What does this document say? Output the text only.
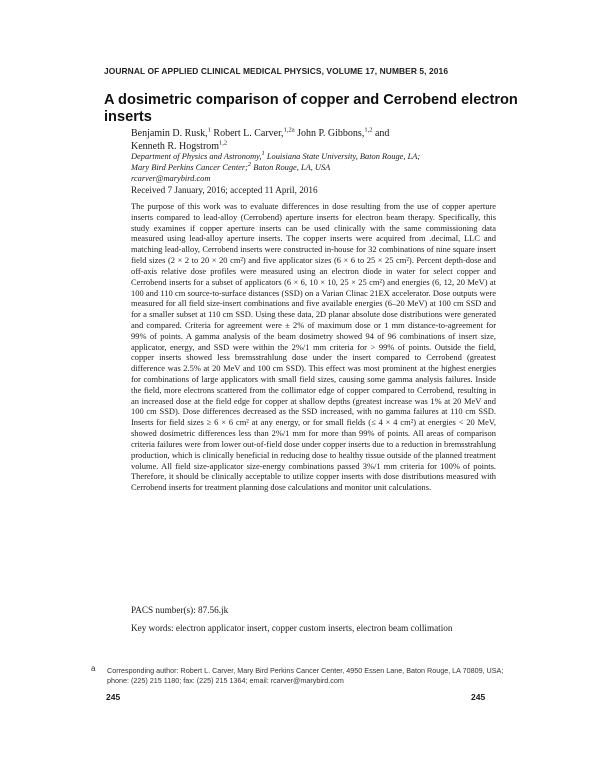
JOURNAL OF APPLIED CLINICAL MEDICAL PHYSICS, VOLUME 17, NUMBER 5, 2016
A dosimetric comparison of copper and Cerrobend electron inserts
Benjamin D. Rusk,$^1$ Robert L. Carver,$^{1,2a}$ John P. Gibbons,$^{1,2}$ and
Kenneth R. Hogstrom$^{1,2}$
Department of Physics and Astronomy,$^1$ Louisiana State University, Baton Rouge, LA;
Mary Bird Perkins Cancer Center;$^2$ Baton Rouge, LA, USA
rcarver@marybird.com
Received 7 January, 2016; accepted 11 April, 2016
The purpose of this work was to evaluate differences in dose resulting from the use of copper aperture inserts compared to lead-alloy (Cerrobend) aperture inserts for electron beam therapy. Specifically, this study examines if copper aperture inserts can be used clinically with the same commissioning data measured using lead-alloy aperture inserts. The copper inserts were acquired from .decimal, LLC and matching lead-alloy, Cerrobend inserts were constructed in-house for 32 combinations of nine square insert field sizes (2 × 2 to 20 × 20 cm²) and five applicator sizes (6 × 6 to 25 × 25 cm²). Percent depth-dose and off-axis relative dose profiles were measured using an electron diode in water for select copper and Cerrobend inserts for a subset of applicators (6 × 6, 10 × 10, 25 × 25 cm²) and energies (6, 12, 20 MeV) at 100 and 110 cm source-to-surface distances (SSD) on a Varian Clinac 21EX accelerator. Dose outputs were measured for all field size-insert combinations and five available energies (6–20 MeV) at 100 cm SSD and for a smaller subset at 110 cm SSD. Using these data, 2D planar absolute dose distributions were generated and compared. Criteria for agreement were ± 2% of maximum dose or 1 mm distance-to-agreement for 99% of points. A gamma analysis of the beam dosimetry showed 94 of 96 combinations of insert size, applicator, energy, and SSD were within the 2%/1 mm criteria for > 99% of points. Outside the field, copper inserts showed less bremsstrahlung dose under the insert compared to Cerrobend (greatest difference was 2.5% at 20 MeV and 100 cm SSD). This effect was most prominent at the highest energies for combinations of large applicators with small field sizes, causing some gamma analysis failures. Inside the field, more electrons scattered from the collimator edge of copper compared to Cerrobend, resulting in an increased dose at the field edge for copper at shallow depths (greatest increase was 1% at 20 MeV and 100 cm SSD). Dose differences decreased as the SSD increased, with no gamma failures at 110 cm SSD. Inserts for field sizes ≥ 6 × 6 cm² at any energy, or for small fields (≤ 4 × 4 cm²) at energies < 20 MeV, showed dosimetric differences less than 2%/1 mm for more than 99% of points. All areas of comparison criteria failures were from lower out-of-field dose under copper inserts due to a reduction in bremsstrahlung production, which is clinically beneficial in reducing dose to healthy tissue outside of the planned treatment volume. All field size-applicator size-energy combinations passed 3%/1 mm criteria for 100% of points. Therefore, it should be clinically acceptable to utilize copper inserts with dose distributions measured with Cerrobend inserts for treatment planning dose calculations and monitor unit calculations.
PACS number(s): 87.56.jk
Key words: electron applicator insert, copper custom inserts, electron beam collimation
a Corresponding author: Robert L. Carver, Mary Bird Perkins Cancer Center, 4950 Essen Lane, Baton Rouge, LA 70809, USA; phone: (225) 215 1180; fax: (225) 215 1364; email: rcarver@marybird.com
245	245
